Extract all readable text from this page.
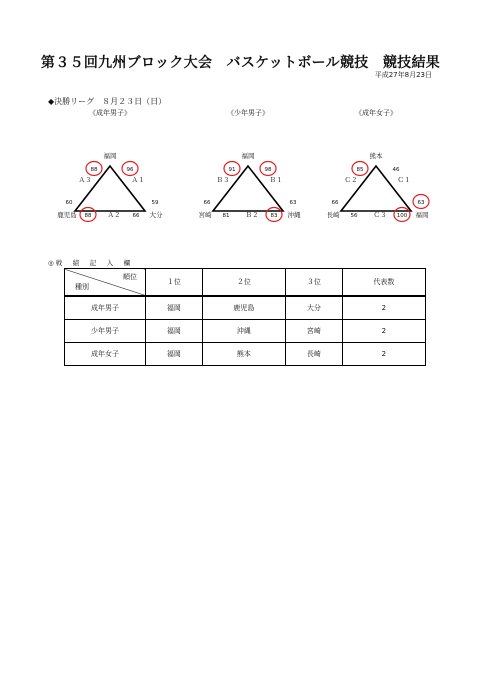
第３５回九州ブロック大会　バスケットボール競技　競技結果
平成27年8月23日
◆決勝リーグ　８月２３日（日）
《成年男子》
福岡
鹿児島	大分
Ａ３	Ａ１
Ａ２
88	96
60
88
59
66
《少年男子》
福岡
宮崎	沖縄
Ｂ３	Ｂ１
Ｂ２
91	98
66
81
63
83
《成年女子》
熊本
長崎	福岡
Ｃ２	Ｃ１
Ｃ３
85	46
66
56
63
100
◎戦　績　記　入　欄
順位
種別	１位	２位	３位	代表数
成年男子	福岡	鹿児島	大分	2
少年男子	福岡	沖縄	宮崎	2
成年女子	福岡	熊本	長崎	2
